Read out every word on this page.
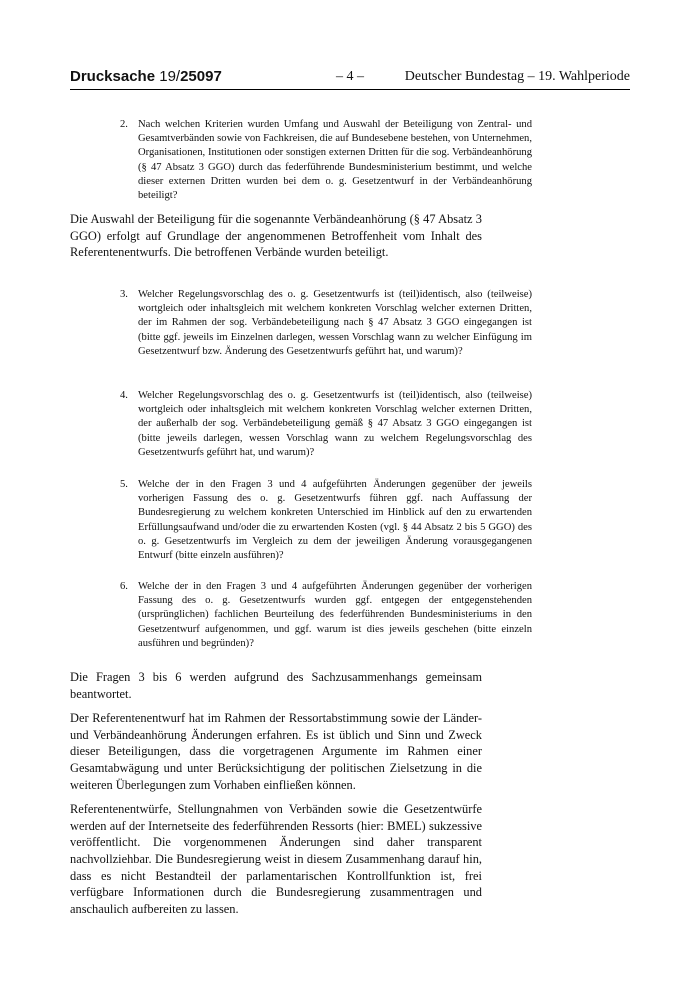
Drucksache 19/25097	– 4 –	Deutscher Bundestag – 19. Wahlperiode
2. Nach welchen Kriterien wurden Umfang und Auswahl der Beteiligung von Zentral- und Gesamtverbänden sowie von Fachkreisen, die auf Bundesebene bestehen, von Unternehmen, Organisationen, Institutionen oder sonstigen externen Dritten für die sog. Verbändeanhörung (§ 47 Absatz 3 GGO) durch das federführende Bundesministerium bestimmt, und welche dieser externen Dritten wurden bei dem o. g. Gesetzentwurf in der Verbändeanhörung beteiligt?

Die Auswahl der Beteiligung für die sogenannte Verbändeanhörung (§ 47 Absatz 3 GGO) erfolgt auf Grundlage der angenommenen Betroffenheit vom Inhalt des Referentenentwurfs. Die betroffenen Verbände wurden beteiligt.

3. Welcher Regelungsvorschlag des o. g. Gesetzentwurfs ist (teil)identisch, also (teilweise) wortgleich oder inhaltsgleich mit welchem konkreten Vorschlag welcher externen Dritten, der im Rahmen der sog. Verbändebeteiligung nach § 47 Absatz 3 GGO eingegangen ist (bitte ggf. jeweils im Einzelnen darlegen, wessen Vorschlag wann zu welcher Einfügung im Gesetzentwurf bzw. Änderung des Gesetzentwurfs geführt hat, und warum)?
4. Welcher Regelungsvorschlag des o. g. Gesetzentwurfs ist (teil)identisch, also (teilweise) wortgleich oder inhaltsgleich mit welchem konkreten Vorschlag welcher externen Dritten, der außerhalb der sog. Verbändebeteiligung gemäß § 47 Absatz 3 GGO eingegangen ist (bitte jeweils darlegen, wessen Vorschlag wann zu welchem Regelungsvorschlag des Gesetzentwurfs geführt hat, und warum)?
5. Welche der in den Fragen 3 und 4 aufgeführten Änderungen gegenüber der jeweils vorherigen Fassung des o. g. Gesetzentwurfs führen ggf. nach Auffassung der Bundesregierung zu welchem konkreten Unterschied im Hinblick auf den zu erwartenden Erfüllungsaufwand und/oder die zu erwartenden Kosten (vgl. § 44 Absatz 2 bis 5 GGO) des o. g. Gesetzentwurfs im Vergleich zu dem der jeweiligen Änderung vorausgegangenen Entwurf (bitte einzeln ausführen)?
6. Welche der in den Fragen 3 und 4 aufgeführten Änderungen gegenüber der vorherigen Fassung des o. g. Gesetzentwurfs wurden ggf. entgegen der entgegenstehenden (ursprünglichen) fachlichen Beurteilung des federführenden Bundesministeriums in den Gesetzentwurf aufgenommen, und ggf. warum ist dies jeweils geschehen (bitte einzeln ausführen und begründen)?

Die Fragen 3 bis 6 werden aufgrund des Sachzusammenhangs gemeinsam beantwortet.

Der Referentenentwurf hat im Rahmen der Ressortabstimmung sowie der Länder- und Verbändeanhörung Änderungen erfahren. Es ist üblich und Sinn und Zweck dieser Beteiligungen, dass die vorgetragenen Argumente im Rahmen einer Gesamtabwägung und unter Berücksichtigung der politischen Zielsetzung in die weiteren Überlegungen zum Vorhaben einfließen können.

Referentenentwürfe, Stellungnahmen von Verbänden sowie die Gesetzentwürfe werden auf der Internetseite des federführenden Ressorts (hier: BMEL) sukzessive veröffentlicht. Die vorgenommenen Änderungen sind daher transparent nachvollziehbar. Die Bundesregierung weist in diesem Zusammenhang darauf hin, dass es nicht Bestandteil der parlamentarischen Kontrollfunktion ist, frei verfügbare Informationen durch die Bundesregierung zusammentragen und anschaulich aufbereiten zu lassen.
